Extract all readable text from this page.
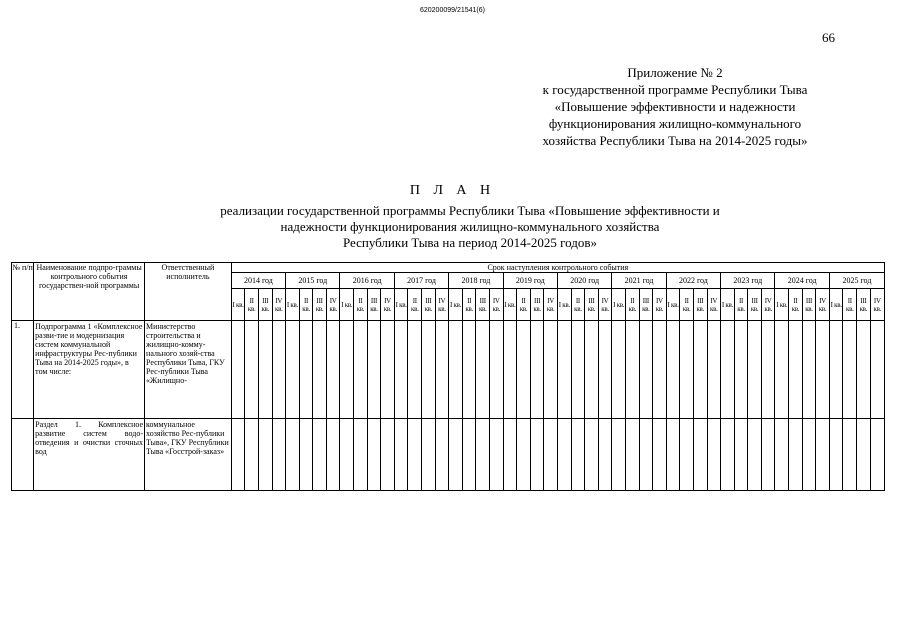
620200099/21541(6)
66
Приложение № 2
к государственной программе Республики Тыва
«Повышение эффективности и надежности
функционирования жилищно-коммунального
хозяйства Республики Тыва на 2014-2025 годы»
П Л А Н
реализации государственной программы Республики Тыва «Повышение эффективности и
надежности функционирования жилищно-коммунального хозяйства
Республики Тыва на период 2014-2025 годов»
№ п/п	Наименование подпро-граммы контрольного события государствен-ной программы	Ответственный исполнитель	Срок наступления контрольного события																																															
			2014 год				2015 год				2016 год				2017 год				2018 год				2019 год				2020 год				2021 год				2022 год				2023 год				2024 год				2025 год			
			I кв.	II кв.	III кв.	IV кв.	I кв.	II кв.	III кв.	IV кв.	I кв.	II кв.	III кв.	IV кв.	I кв.	II кв.	III кв.	IV кв.	I кв.	II кв.	III кв.	IV кв.	I кв.	II кв.	III кв.	IV кв.	I кв.	II кв.	III кв.	IV кв.	I кв.	II кв.	III кв.	IV кв.	I кв.	II кв.	III кв.	IV кв.	I кв.	II кв.	III кв.	IV кв.	I кв.	II кв.	III кв.	IV кв.	I кв.	II кв.	III кв.	IV кв.
1.	Подпрограмма 1 «Комплексное разви-тие и модернизация систем коммунальной инфраструктуры Рес-публики Тыва на 2014-2025 годы», в том числе:	Министерство строительства и жилищно-комму-нального хозяй-ства Республики Тыва, ГКУ Рес-публики Тыва «Жилищно-																																																
	Раздел 1. Комплексное развитие систем водо-отведения и очистки сточных вод	коммунальное хозяйство Рес-публики Тыва», ГКУ Республики Тыва «Госстрой-заказ»																																																
